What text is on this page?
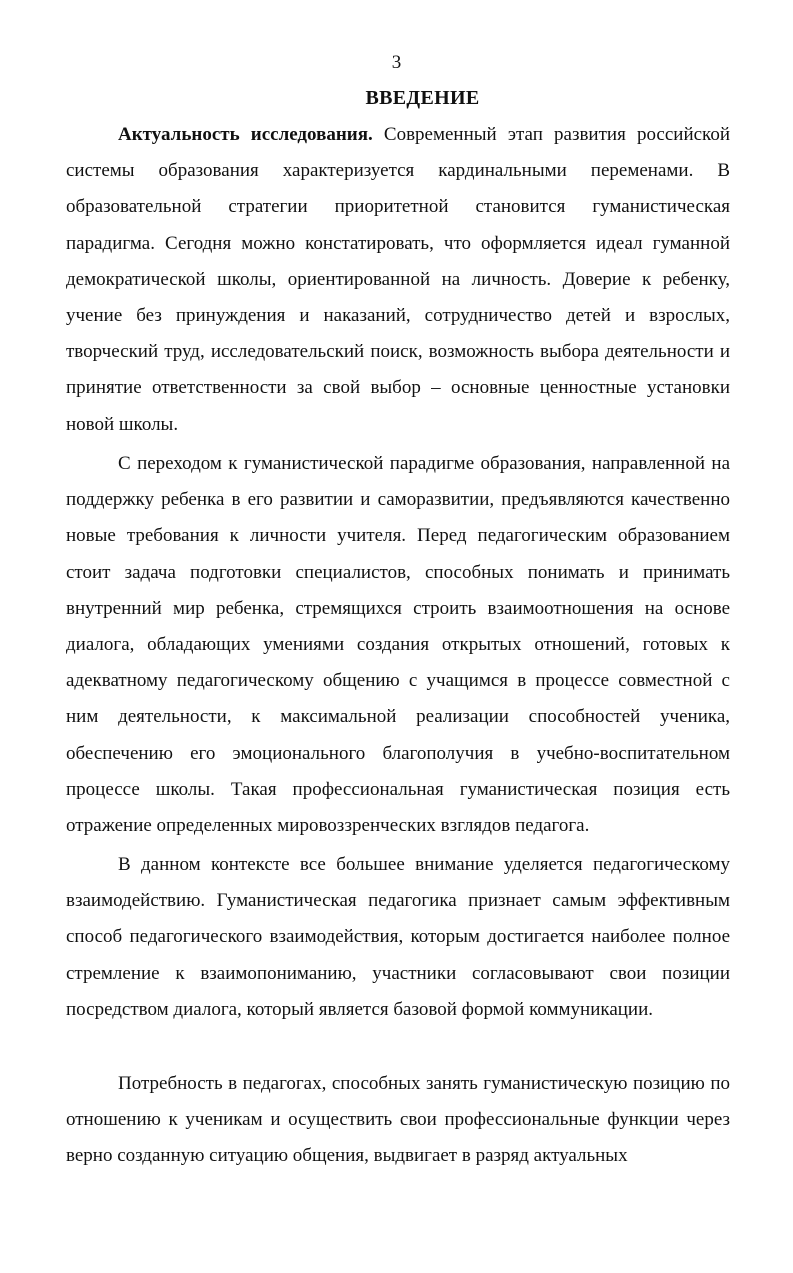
3
ВВЕДЕНИЕ

Актуальность исследования. Современный этап развития российской системы образования характеризуется кардинальными переменами. В образовательной стратегии приоритетной становится гуманистическая парадигма. Сегодня можно констатировать, что оформляется идеал гуманной демократической школы, ориентированной на личность. Доверие к ребенку, учение без принуждения и наказаний, сотрудничество детей и взрослых, творческий труд, исследовательский поиск, возможность выбора деятельности и принятие ответственности за свой выбор – основные ценностные установки новой школы.

С переходом к гуманистической парадигме образования, направленной на поддержку ребенка в его развитии и саморазвитии, предъявляются качественно новые требования к личности учителя. Перед педагогическим образованием стоит задача подготовки специалистов, способных понимать и принимать внутренний мир ребенка, стремящихся строить взаимоотношения на основе диалога, обладающих умениями создания открытых отношений, готовых к адекватному педагогическому общению с учащимся в процессе совместной с ним деятельности, к максимальной реализации способностей ученика, обеспечению его эмоционального благополучия в учебно-воспитательном процессе школы. Такая профессиональная гуманистическая позиция есть отражение определенных мировоззренческих взглядов педагога.

В данном контексте все большее внимание уделяется педагогическому взаимодействию. Гуманистическая педагогика признает самым эффективным способ педагогического взаимодействия, которым достигается наиболее полное стремление к взаимопониманию, участники согласовывают свои позиции посредством диалога, который является базовой формой коммуникации.

Потребность в педагогах, способных занять гуманистическую позицию по отношению к ученикам и осуществить свои профессиональные функции через верно созданную ситуацию общения, выдвигает в разряд актуальных
